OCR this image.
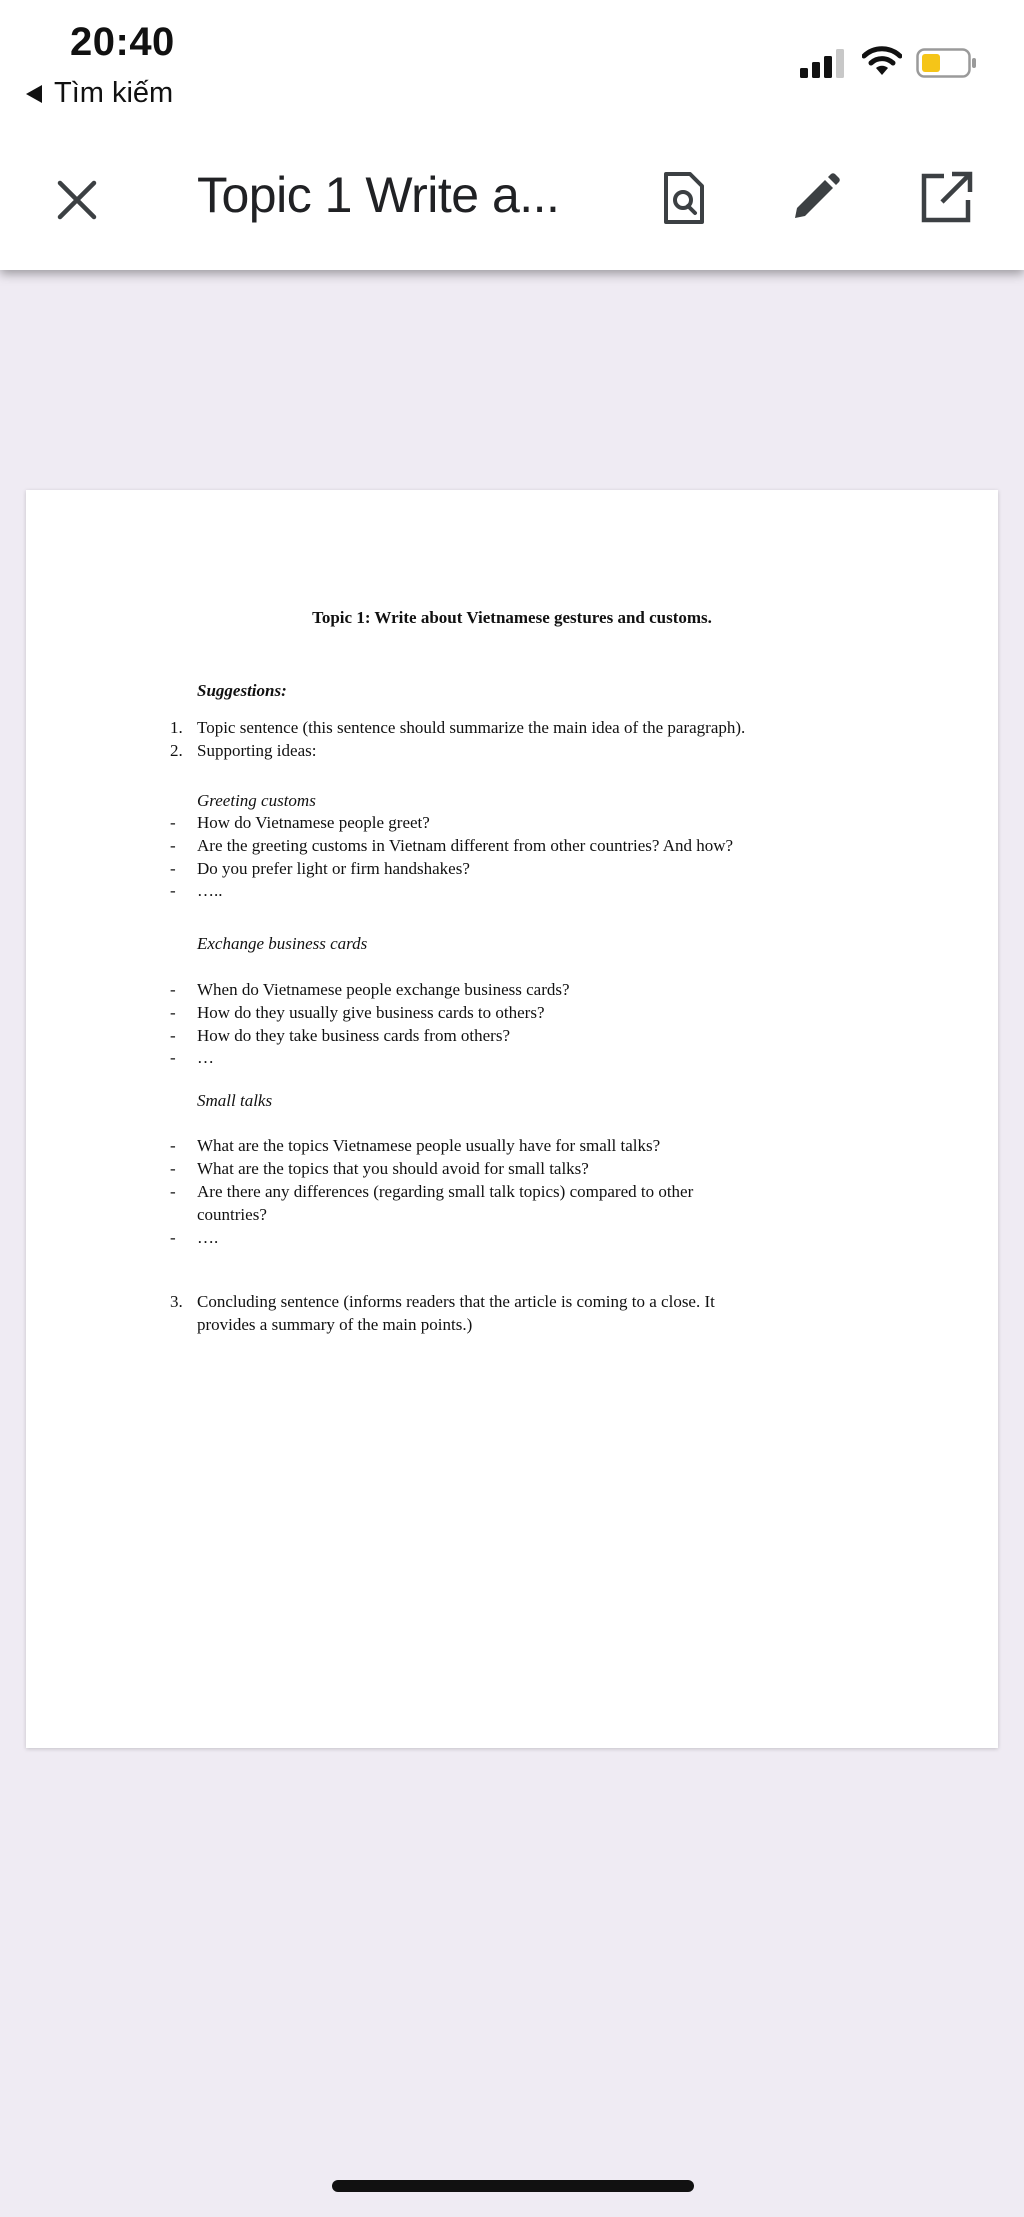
20:40
Tìm kiếm
Topic 1 Write a...
Topic 1: Write about Vietnamese gestures and customs.
Suggestions:
1. Topic sentence (this sentence should summarize the main idea of the paragraph).
2. Supporting ideas:
Greeting customs
- How do Vietnamese people greet?
- Are the greeting customs in Vietnam different from other countries? And how?
- Do you prefer light or firm handshakes?
- …..
Exchange business cards
- When do Vietnamese people exchange business cards?
- How do they usually give business cards to others?
- How do they take business cards from others?
- …
Small talks
- What are the topics Vietnamese people usually have for small talks?
- What are the topics that you should avoid for small talks?
- Are there any differences (regarding small talk topics) compared to other
countries?
- ….
3. Concluding sentence (informs readers that the article is coming to a close. It
provides a summary of the main points.)
